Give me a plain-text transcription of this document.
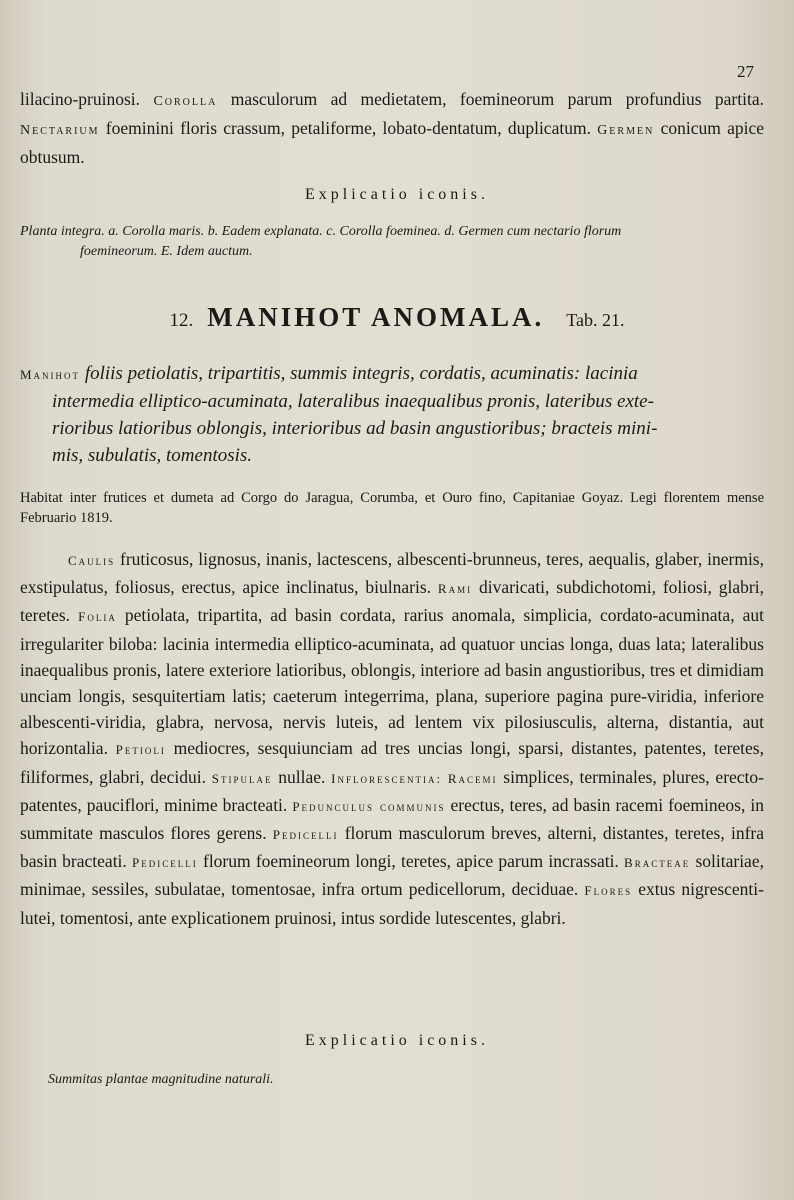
27
lilacino-pruinosi. Corolla masculorum ad medietatem, foemineorum parum profundius partita. Nectarium foeminini floris crassum, petaliforme, lobato-dentatum, duplicatum. Germen conicum apice obtusum.
Explicatio iconis.
Planta integra. a. Corolla maris. b. Eadem explanata. c. Corolla foeminea. d. Germen cum nectario florum
foemineorum. E. Idem auctum.
12. MANIHOT ANOMALA. Tab. 21.
Manihot foliis petiolatis, tripartitis, summis integris, cordatis, acuminatis: lacinia
intermedia elliptico-acuminata, lateralibus inaequalibus pronis, lateribus exte-
rioribus latioribus oblongis, interioribus ad basin angustioribus; bracteis mini-
mis, subulatis, tomentosis.
Habitat inter frutices et dumeta ad Corgo do Jaragua, Corumba, et Ouro fino, Capitaniae Goyaz. Legi florentem mense Februario 1819.
Caulis fruticosus, lignosus, inanis, lactescens, albescenti-brunneus, teres, aequalis, glaber, inermis, exstipulatus, foliosus, erectus, apice inclinatus, biulnaris. Rami divaricati, subdichotomi, foliosi, glabri, teretes. Folia petiolata, tripartita, ad basin cordata, rarius anomala, simplicia, cordato-acuminata, aut irregulariter biloba: lacinia intermedia elliptico-acuminata, ad quatuor uncias longa, duas lata; lateralibus inaequalibus pronis, latere exteriore latioribus, oblongis, interiore ad basin angustioribus, tres et dimidiam unciam longis, sesquitertiam latis; caeterum integerrima, plana, superiore pagina pure-viridia, inferiore albescenti-viridia, glabra, nervosa, nervis luteis, ad lentem vix pilosiusculis, alterna, distantia, aut horizontalia. Petioli mediocres, sesquiunciam ad tres uncias longi, sparsi, distantes, patentes, teretes, filiformes, glabri, decidui. Stipulae nullae. Inflorescentia: Racemi simplices, terminales, plures, erecto-patentes, pauciflori, minime bracteati. Pedunculus communis erectus, teres, ad basin racemi foemineos, in summitate masculos flores gerens. Pedicelli florum masculorum breves, alterni, distantes, teretes, infra basin bracteati. Pedicelli florum foemineorum longi, teretes, apice parum incrassati. Bracteae solitariae, minimae, sessiles, subulatae, tomentosae, infra ortum pedicellorum, deciduae. Flores extus nigrescenti-lutei, tomentosi, ante explicationem pruinosi, intus sordide lutescentes, glabri.
Explicatio iconis.
Summitas plantae magnitudine naturali.
